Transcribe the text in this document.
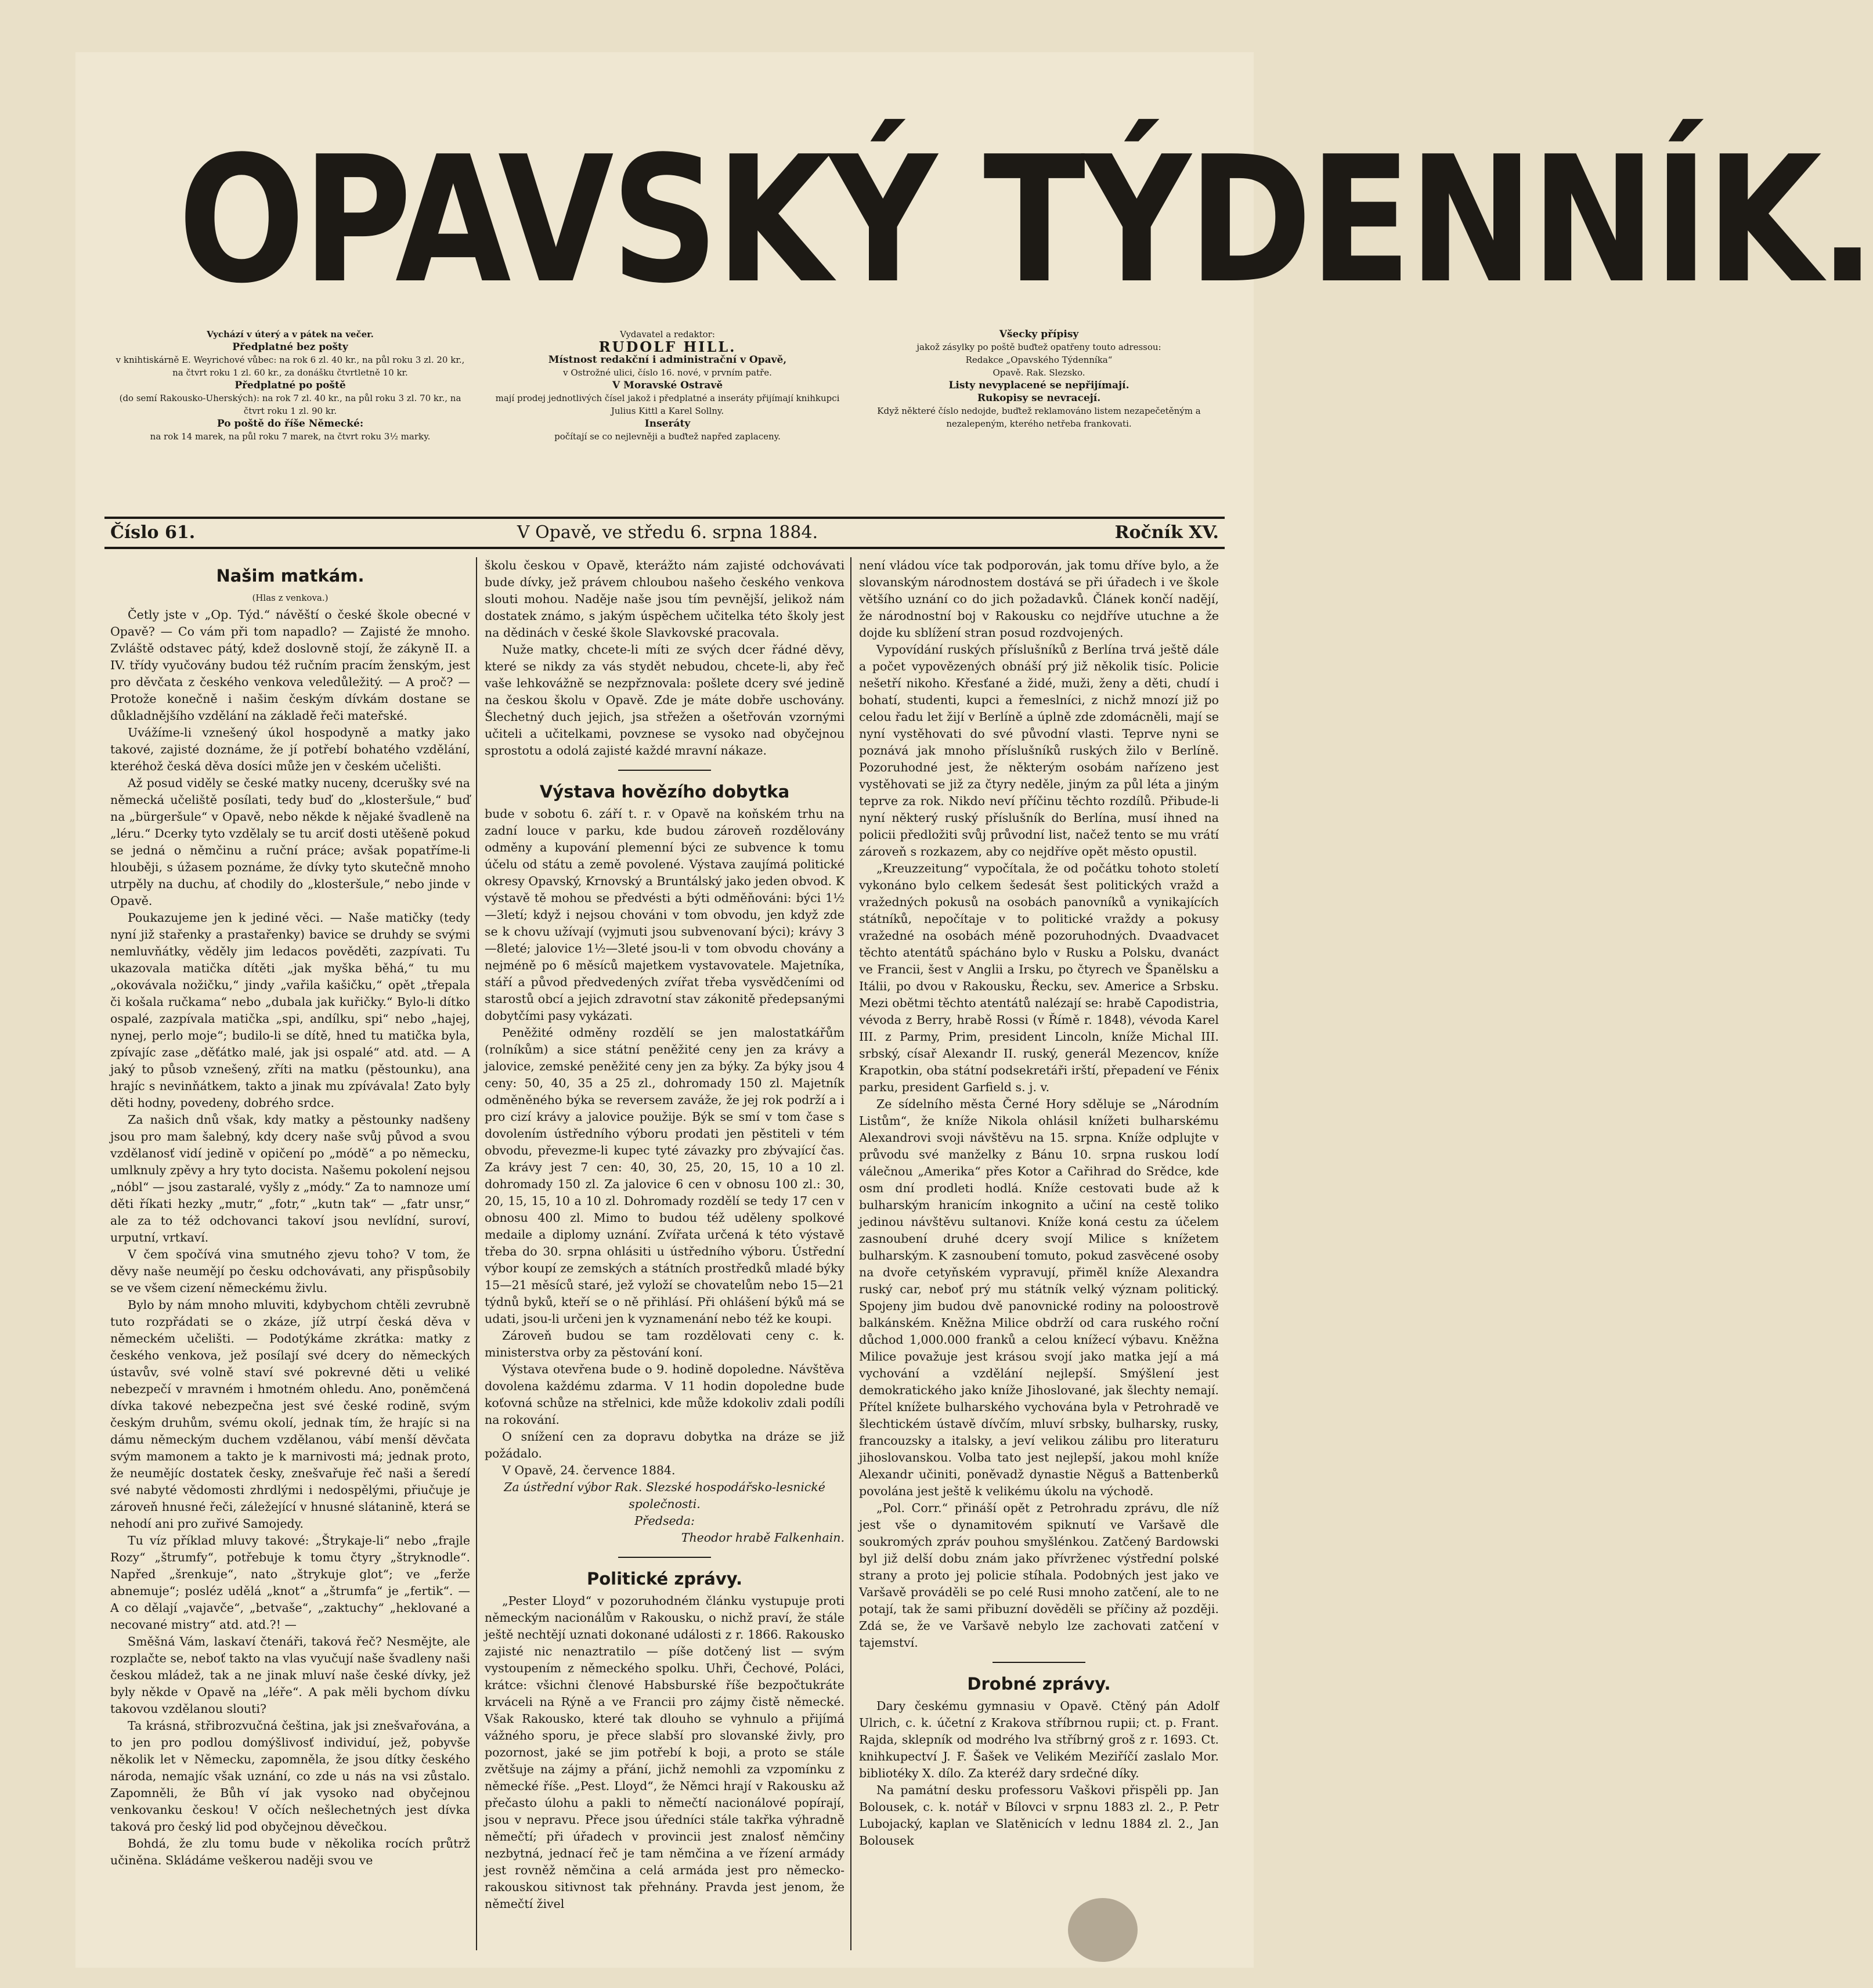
OPAVSKÝ TÝDENNÍK.

Vychází v úterý a v pátek na večer.

Předplatné bez pošty

v knihtiskárně E. Weyrichové vůbec: na rok 6 zl. 40 kr., na půl roku 3 zl. 20 kr., na čtvrt roku 1 zl. 60 kr., za donášku čtvrtletně 10 kr.

Předplatné po poště

(do semí Rakousko-Uherských): na rok 7 zl. 40 kr., na půl roku 3 zl. 70 kr., na čtvrt roku 1 zl. 90 kr.

Po poště do říše Německé:

na rok 14 marek, na půl roku 7 marek, na čtvrt roku 3½ marky.

Vydavatel a redaktor:

RUDOLF HILL.

Místnost redakční i administrační v Opavě,

v Ostrožné ulici, číslo 16. nové, v prvním patře.

V Moravské Ostravě

mají prodej jednotlivých čísel jakož i předplatné a inseráty přijímají knihkupci Julius Kittl a Karel Sollny.

Inseráty

počítají se co nejlevněji a buďtež napřed zaplaceny.

Všecky přípisy

jakož zásylky po poště buďtež opatřeny touto adressou:

Redakce „Opavského Týdenníka“

Opavě. Rak. Slezsko.

Listy nevyplacené se nepřijímají.

Rukopisy se nevracejí.

Když některé číslo nedojde, buďtež reklamováno listem nezapečetěným a nezalepeným, kterého netřeba frankovati.

Číslo 61.	V Opavě, ve středu 6. srpna 1884.	Ročník XV.
Našim matkám.

(Hlas z venkova.)

Četly jste v „Op. Týd.“ návěští o české škole obecné v Opavě? — Co vám při tom napadlo? — Zajisté že mnoho. Zvláště odstavec pátý, kdež doslovně stojí, že zákyně II. a IV. třídy vyučovány budou též ručním pracím ženským, jest pro děvčata z českého venkova veledůležitý. — A proč? — Protože konečně i našim českým dívkám dostane se důkladnějšího vzdělání na základě řeči mateřské.

Uvážíme-li vznešený úkol hospodyně a matky jako takové, zajisté doznáme, že jí potřebí bohatého vzdělání, kteréhož česká děva dosíci může jen v českém učelišti.

Až posud viděly se české matky nuceny, dcerušky své na německá učeliště posílati, tedy buď do „klosteršule,“ buď na „bürgeršule“ v Opavě, nebo někde k nějaké švadleně na „léru.“ Dcerky tyto vzdělaly se tu arciť dosti utěšeně pokud se jedná o němčinu a ruční práce; avšak popatříme-li hlouběji, s úžasem poznáme, že dívky tyto skutečně mnoho utrpěly na duchu, ať chodily do „klosteršule,“ nebo jinde v Opavě.

Poukazujeme jen k jediné věci. — Naše matičky (tedy nyní již stařenky a prastařenky) bavice se druhdy se svými nemluvňátky, věděly jim ledacos pověděti, zazpívati. Tu ukazovala matička dítěti „jak myška běhá,“ tu mu „okovávala nožičku,“ jindy „vařila kašičku,“ opět „třepala či košala ručkama“ nebo „dubala jak kuřičky.“ Bylo-li dítko ospalé, zazpívala matička „spi, andílku, spi“ nebo „hajej, nynej, perlo moje“; budilo-li se dítě, hned tu matička byla, zpívajíc zase „děťátko malé, jak jsi ospalé“ atd. atd. — A jaký to působ vznešený, zříti na matku (pěstounku), ana hrajíc s nevinňátkem, takto a jinak mu zpívávala! Zato byly děti hodny, povedeny, dobrého srdce.

Za našich dnů však, kdy matky a pěstounky nadšeny jsou pro mam šalebný, kdy dcery naše svůj původ a svou vzdělanosť vidí jedině v opičení po „módě“ a po německu, umlknuly zpěvy a hry tyto docista. Našemu pokolení nejsou „nóbl“ — jsou zastaralé, vyšly z „módy.“ Za to namnoze umí děti říkati hezky „mutr,“ „fotr,“ „kutn tak“ — „fatr unsr,“ ale za to též odchovanci takoví jsou nevlídní, suroví, urputní, vrtkaví.

V čem spočívá vina smutného zjevu toho? V tom, že děvy naše neumějí po česku odchovávati, any přispůsobily se ve všem cizení německému živlu.

Bylo by nám mnoho mluviti, kdybychom chtěli zevrubně tuto rozpřádati se o zkáze, jíž utrpí česká děva v německém učelišti. — Podotýkáme zkrátka: matky z českého venkova, jež posílají své dcery do německých ústavův, své volně staví své pokrevné děti u veliké nebezpečí v mravném i hmotném ohledu. Ano, poněmčená dívka takové nebezpečna jest své české rodině, svým českým druhům, svému okolí, jednak tím, že hrajíc si na dámu německým duchem vzdělanou, vábí menší děvčata svým mamonem a takto je k marnivosti má; jednak proto, že neumějíc dostatek česky, znešvařuje řeč naši a šeredí své nabyté vědomosti zhrdlými i nedospělými, přiučuje je zároveň hnusné řeči, záležející v hnusné slátanině, která se nehodí ani pro zuřivé Samojedy.

Tu víz příklad mluvy takové: „Štrykaje-li“ nebo „frajle Rozy“ „štrumfy“, potřebuje k tomu čtyry „štryknodle“. Napřed „šrenkuje“, nato „štrykuje glot“; ve „ferže abnemuje“; posléz udělá „knot“ a „štrumfa“ je „fertik“. — A co dělají „vajavče“, „betvaše“, „zaktuchy“ „heklované a necované mistry“ atd. atd.?! —

Směšná Vám, laskaví čtenáři, taková řeč? Nesmějte, ale rozplačte se, neboť takto na vlas vyučují naše švadleny naši českou mládež, tak a ne jinak mluví naše české dívky, jež byly někde v Opavě na „léře“. A pak měli bychom dívku takovou vzdělanou slouti?

Ta krásná, střibrozvučná čeština, jak jsi znešvařována, a to jen pro podlou domýšlivosť individuí, jež, pobyvše několik let v Německu, zapomněla, že jsou dítky českého národa, nemajíc však uznání, co zde u nás na vsi zůstalo. Zapomněli, že Bůh ví jak vysoko nad obyčejnou venkovanku českou! V očích nešlechetných jest dívka taková pro český lid pod obyčejnou děvečkou.

Bohdá, že zlu tomu bude v několika rocích průtrž učiněna. Skládáme veškerou naději svou ve

školu českou v Opavě, kterážto nám zajisté odchovávati bude dívky, jež právem chloubou našeho českého venkova slouti mohou. Naděje naše jsou tím pevnější, jelikož nám dostatek známo, s jakým úspěchem učitelka této školy jest na dědinách v české škole Slavkovské pracovala.

Nuže matky, chcete-li míti ze svých dcer řádné děvy, které se nikdy za vás stydět nebudou, chcete-li, aby řeč vaše lehkovážně se nezpřznovala: pošlete dcery své jedině na českou školu v Opavě. Zde je máte dobře uschovány. Šlechetný duch jejich, jsa střežen a ošetřován vzornými učiteli a učitelkami, povznese se vysoko nad obyčejnou sprostotu a odolá zajisté každé mravní nákaze.

Výstava hovězího dobytka

bude v sobotu 6. září t. r. v Opavě na koňském trhu na zadní louce v parku, kde budou zároveň rozdělovány odměny a kupování plemenní býci ze subvence k tomu účelu od státu a země povolené. Výstava zaujímá politické okresy Opavský, Krnovský a Bruntálský jako jeden obvod. K výstavě tě mohou se předvésti a býti odměňováni: býci 1½—3letí; když i nejsou chováni v tom obvodu, jen když zde se k chovu užívají (vyjmuti jsou subvenovaní býci); krávy 3—8leté; jalovice 1½—3leté jsou-li v tom obvodu chovány a nejméně po 6 měsíců majetkem vystavovatele. Majetníka, stáří a původ předvedených zvířat třeba vysvědčeními od starostů obcí a jejich zdravotní stav zákonitě předepsanými dobytčími pasy vykázati.

Peněžité odměny rozdělí se jen malostatkářům (rolníkům) a sice státní peněžité ceny jen za krávy a jalovice, zemské peněžité ceny jen za býky. Za býky jsou 4 ceny: 50, 40, 35 a 25 zl., dohromady 150 zl. Majetník odměněného býka se reversem zaváže, že jej rok podrží a i pro cizí krávy a jalovice použije. Býk se smí v tom čase s dovolením ústředního výboru prodati jen pěstiteli v tém obvodu, převezme-li kupec tyté závazky pro zbývající čas. Za krávy jest 7 cen: 40, 30, 25, 20, 15, 10 a 10 zl. dohromady 150 zl. Za jalovice 6 cen v obnosu 100 zl.: 30, 20, 15, 15, 10 a 10 zl. Dohromady rozdělí se tedy 17 cen v obnosu 400 zl. Mimo to budou též uděleny spolkové medaile a diplomy uznání. Zvířata určená k této výstavě třeba do 30. srpna ohlásiti u ústředního výboru. Ústřední výbor koupí ze zemských a státních prostředků mladé býky 15—21 měsíců staré, jež vyloží se chovatelům nebo 15—21 týdnů byků, kteří se o ně přihlásí. Při ohlášení býků má se udati, jsou-li určeni jen k vyznamenání nebo též ke koupi.

Zároveň budou se tam rozdělovati ceny c. k. ministerstva orby za pěstování koní.

Výstava otevřena bude o 9. hodině dopoledne. Návštěva dovolena každému zdarma. V 11 hodin dopoledne bude koťovná schůze na střelnici, kde může kdokoliv zdali podíli na rokování.

O snížení cen za dopravu dobytka na dráze se již požádalo.

V Opavě, 24. července 1884.

Za ústřední výbor Rak. Slezské hospodářsko-lesnické společnosti.

Předseda:

Theodor hrabě Falkenhain.

Politické zprávy.

„Pester Lloyd“ v pozoruhodném článku vystupuje proti německým nacionálům v Rakousku, o nichž praví, že stále ještě nechtějí uznati dokonané události z r. 1866. Rakousko zajisté nic nenaztratilo — píše dotčený list — svým vystoupením z německého spolku. Uhři, Čechové, Poláci, krátce: všichni členové Habsburské říše bezpočtukráte krváceli na Rýně a ve Francii pro zájmy čistě německé. Však Rakousko, které tak dlouho se vyhnulo a přijímá vážného sporu, je přece slabší pro slovanské živly, pro pozornost, jaké se jim potřebí k boji, a proto se stále zvětšuje na zájmy a přání, jichž nemohli za vzpomínku z německé říše. „Pest. Lloyd“, že Němci hrají v Rakousku až přečasto úlohu a pakli to němečtí nacionálové popírají, jsou v nepravu. Přece jsou úředníci stále takřka výhradně němečtí; při úřadech v provincii jest znalosť němčiny nezbytná, jednací řeč je tam němčina a ve řízení armády jest rovněž němčina a celá armáda jest pro německo-rakouskou sitivnost tak přehnány. Pravda jest jenom, že němečtí živel

není vládou více tak podporován, jak tomu dříve bylo, a že slovanským národnostem dostává se při úřadech i ve škole většího uznání co do jich požadavků. Článek končí nadějí, že národnostní boj v Rakousku co nejdříve utuchne a že dojde ku sblížení stran posud rozdvojených.

Vypovídání ruských příslušníků z Berlína trvá ještě dále a počet vypovězených obnáší prý již několik tisíc. Policie nešetří nikoho. Křesťané a židé, muži, ženy a děti, chudí i bohatí, studenti, kupci a řemeslníci, z nichž mnozí již po celou řadu let žijí v Berlíně a úplně zde zdomácněli, mají se nyní vystěhovati do své původní vlasti. Teprve nyni se poznává jak mnoho příslušníků ruských žilo v Berlíně. Pozoruhodné jest, že některým osobám nařízeno jest vystěhovati se již za čtyry neděle, jiným za půl léta a jiným teprve za rok. Nikdo neví příčinu těchto rozdílů. Přibude-li nyní některý ruský příslušník do Berlína, musí ihned na policii předložiti svůj průvodní list, načež tento se mu vrátí zároveň s rozkazem, aby co nejdříve opět město opustil.

„Kreuzzeitung“ vypočítala, že od počátku tohoto století vykonáno bylo celkem šedesát šest politických vražd a vražedných pokusů na osobách panovníků a vynikajících státníků, nepočítaje v to politické vraždy a pokusy vražedné na osobách méně pozoruhodných. Dvaadvacet těchto atentátů spácháno bylo v Rusku a Polsku, dvanáct ve Francii, šest v Anglii a Irsku, po čtyrech ve Španělsku a Itálii, po dvou v Rakousku, Řecku, sev. Americe a Srbsku. Mezi obětmi těchto atentátů nalézají se: hrabě Capodistria, vévoda z Berry, hrabě Rossi (v Římě r. 1848), vévoda Karel III. z Parmy, Prim, president Lincoln, kníže Michal III. srbský, císař Alexandr II. ruský, generál Mezencov, kníže Krapotkin, oba státní podsekretáři irští, přepadení ve Fénix parku, president Garfield s. j. v.

Ze sídelního města Černé Hory sděluje se „Národním Listům“, že kníže Nikola ohlásil knížeti bulharskému Alexandrovi svoji návštěvu na 15. srpna. Kníže odplujte v průvodu své manželky z Bánu 10. srpna ruskou lodí válečnou „Amerika“ přes Kotor a Cařihrad do Srědce, kde osm dní prodleti hodlá. Kníže cestovati bude až k bulharským hranicím inkognito a učiní na cestě toliko jedinou návštěvu sultanovi. Kníže koná cestu za účelem zasnoubení druhé dcery svojí Milice s knížetem bulharským. K zasnoubení tomuto, pokud zasvěcené osoby na dvoře cetyňském vypravují, přiměl kníže Alexandra ruský car, neboť prý mu státník velký význam politický. Spojeny jim budou dvě panovnické rodiny na poloostrově balkánském. Kněžna Milice obdrží od cara ruského roční důchod 1,000.000 franků a celou knížecí výbavu. Kněžna Milice považuje jest krásou svojí jako matka její a má vychování a vzdělání nejlepší. Smýšlení jest demokratického jako kníže Jihoslované, jak šlechty nemají. Přítel knížete bulharského vychována byla v Petrohradě ve šlechtickém ústavě dívčím, mluví srbsky, bulharsky, rusky, francouzsky a italsky, a jeví velikou zálibu pro literaturu jihoslovanskou. Volba tato jest nejlepší, jakou mohl kníže Alexandr učiniti, poněvadž dynastie Něguš a Battenberků povolána jest ještě k velikému úkolu na východě.

„Pol. Corr.“ přináší opět z Petrohradu zprávu, dle níž jest vše o dynamitovém spiknutí ve Varšavě dle soukromých zpráv pouhou smyšlénkou. Zatčený Bardowski byl již delší dobu znám jako přívrženec výstřední polské strany a proto jej policie stíhala. Podobných jest jako ve Varšavě prováděli se po celé Rusi mnoho zatčení, ale to ne potají, tak že sami přibuzní dověděli se příčiny až později. Zdá se, že ve Varšavě nebylo lze zachovati zatčení v tajemství.

Drobné zprávy.

Dary českému gymnasiu v Opavě. Ctěný pán Adolf Ulrich, c. k. účetní z Krakova stříbrnou rupii; ct. p. Frant. Rajda, sklepník od modrého lva stříbrný groš z r. 1693. Ct. knihkupectví J. F. Šašek ve Velikém Meziříčí zaslalo Mor. bibliotéky X. dílo. Za kteréž dary srdečné díky.

Na památní desku professoru Vaškovi přispěli pp. Jan Bolousek, c. k. notář v Bílovci v srpnu 1883 zl. 2., P. Petr Lubojacký, kaplan ve Slatěnicích v lednu 1884 zl. 2., Jan Bolousek
